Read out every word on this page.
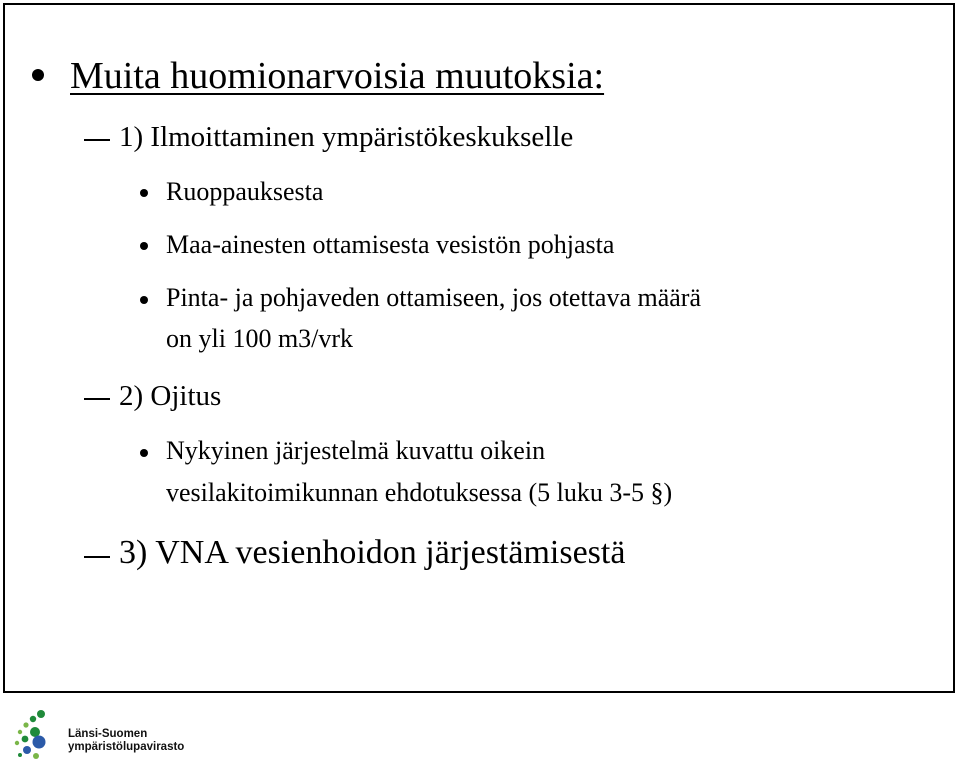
Muita huomionarvoisia muutoksia:
1) Ilmoittaminen ympäristökeskukselle
Ruoppauksesta
Maa-ainesten ottamisesta vesistön pohjasta
Pinta- ja pohjaveden ottamiseen, jos otettava määrä
on yli 100 m3/vrk
2) Ojitus
Nykyinen järjestelmä kuvattu oikein
vesilakitoimikunnan ehdotuksessa (5 luku 3-5 §)
3) VNA vesienhoidon järjestämisestä
Länsi-Suomen
ympäristölupavirasto
